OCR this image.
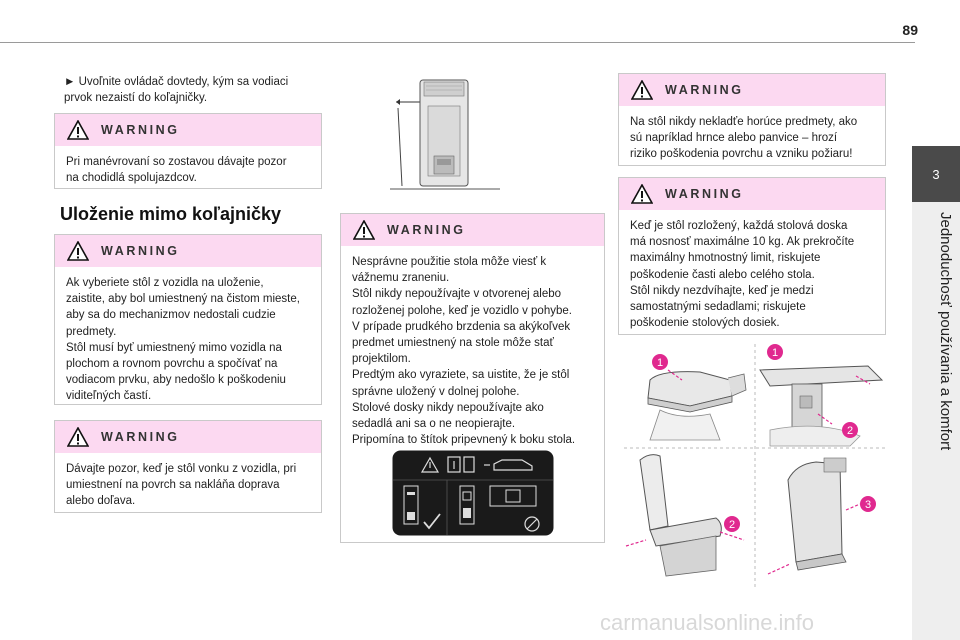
89
3
Jednoduchosť používania a komfort
► Uvoľnite ovládač dovtedy, kým sa vodiaci
prvok nezaistí do koľajničky.
WARNING
Pri manévrovaní so zostavou dávajte pozor
na chodidlá spolujazdcov.
Uloženie mimo koľajničky
WARNING
Ak vyberiete stôl z vozidla na uloženie,
zaistite, aby bol umiestnený na čistom mieste,
aby sa do mechanizmov nedostali cudzie
predmety.
Stôl musí byť umiestnený mimo vozidla na
plochom a rovnom povrchu a spočívať na
vodiacom prvku, aby nedošlo k poškodeniu
viditeľných častí.
WARNING
Dávajte pozor, keď je stôl vonku z vozidla, pri
umiestnení na povrch sa nakláňa doprava
alebo doľava.
WARNING
Nesprávne použitie stola môže viesť k
vážnemu zraneniu.
Stôl nikdy nepoužívajte v otvorenej alebo
rozloženej polohe, keď je vozidlo v pohybe.
V prípade prudkého brzdenia sa akýkoľvek
predmet umiestnený na stole môže stať
projektilom.
Predtým ako vyraziete, sa uistite, že je stôl
správne uložený v dolnej polohe.
Stolové dosky nikdy nepoužívajte ako
sedadlá ani sa o ne neopierajte.
Pripomína to štítok pripevnený k boku stola.
WARNING
Na stôl nikdy nekladťe horúce predmety, ako
sú napríklad hrnce alebo panvice – hrozí
riziko poškodenia povrchu a vzniku požiaru!
WARNING
Keď je stôl rozložený, každá stolová doska
má nosnosť maximálne 10 kg. Ak prekročíte
maximálny hmotnostný limit, riskujete
poškodenie časti alebo celého stola.
Stôl nikdy nezdvíhajte, keď je medzi
samostatnými sedadlami; riskujete
poškodenie stolových dosiek.
1
1
2
2
3
carmanualsonline.info
